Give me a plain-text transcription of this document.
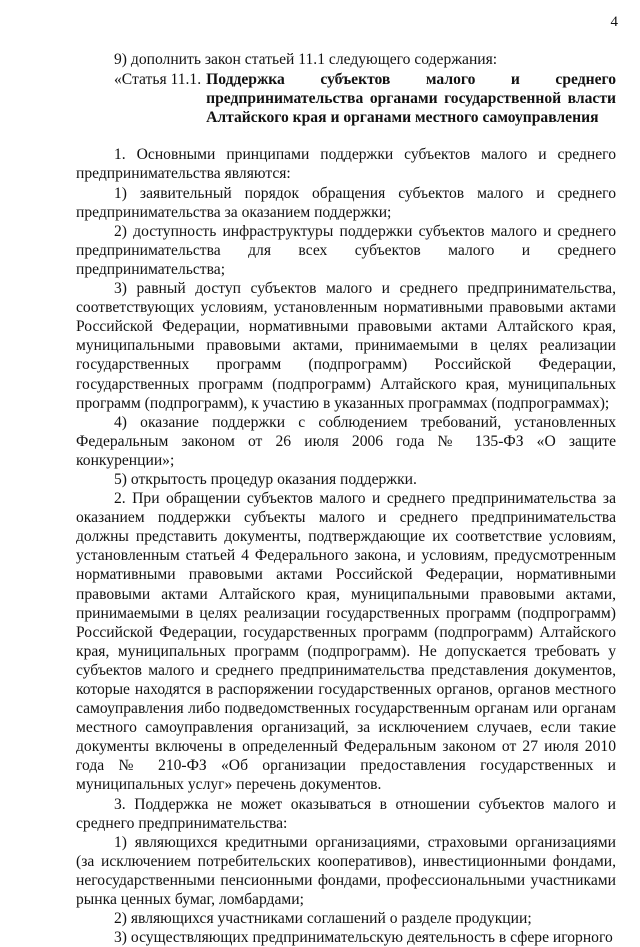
4

9) дополнить закон статьей 11.1 следующего содержания:

«Статья 11.1. Поддержка субъектов малого и среднего предпринимательства органами государственной власти Алтайского края и органами местного самоуправления

1. Основными принципами поддержки субъектов малого и среднего предпринимательства являются:

1) заявительный порядок обращения субъектов малого и среднего предпринимательства за оказанием поддержки;

2) доступность инфраструктуры поддержки субъектов малого и среднего предпринимательства для всех субъектов малого и среднего предпринимательства;

3) равный доступ субъектов малого и среднего предпринимательства, соответствующих условиям, установленным нормативными правовыми актами Российской Федерации, нормативными правовыми актами Алтайского края, муниципальными правовыми актами, принимаемыми в целях реализации государственных программ (подпрограмм) Российской Федерации, государственных программ (подпрограмм) Алтайского края, муниципальных программ (подпрограмм), к участию в указанных программах (подпрограммах);

4) оказание поддержки с соблюдением требований, установленных Федеральным законом от 26 июля 2006 года № 135-ФЗ «О защите конкуренции»;

5) открытость процедур оказания поддержки.

2. При обращении субъектов малого и среднего предпринимательства за оказанием поддержки субъекты малого и среднего предпринимательства должны представить документы, подтверждающие их соответствие условиям, установленным статьей 4 Федерального закона, и условиям, предусмотренным нормативными правовыми актами Российской Федерации, нормативными правовыми актами Алтайского края, муниципальными правовыми актами, принимаемыми в целях реализации государственных программ (подпрограмм) Российской Федерации, государственных программ (подпрограмм) Алтайского края, муниципальных программ (подпрограмм). Не допускается требовать у субъектов малого и среднего предпринимательства представления документов, которые находятся в распоряжении государственных органов, органов местного самоуправления либо подведомственных государственным органам или органам местного самоуправления организаций, за исключением случаев, если такие документы включены в определенный Федеральным законом от 27 июля 2010 года № 210-ФЗ «Об организации предоставления государственных и муниципальных услуг» перечень документов.

3. Поддержка не может оказываться в отношении субъектов малого и среднего предпринимательства:

1) являющихся кредитными организациями, страховыми организациями (за исключением потребительских кооперативов), инвестиционными фондами, негосударственными пенсионными фондами, профессиональными участниками рынка ценных бумаг, ломбардами;

2) являющихся участниками соглашений о разделе продукции;

3) осуществляющих предпринимательскую деятельность в сфере игорного
